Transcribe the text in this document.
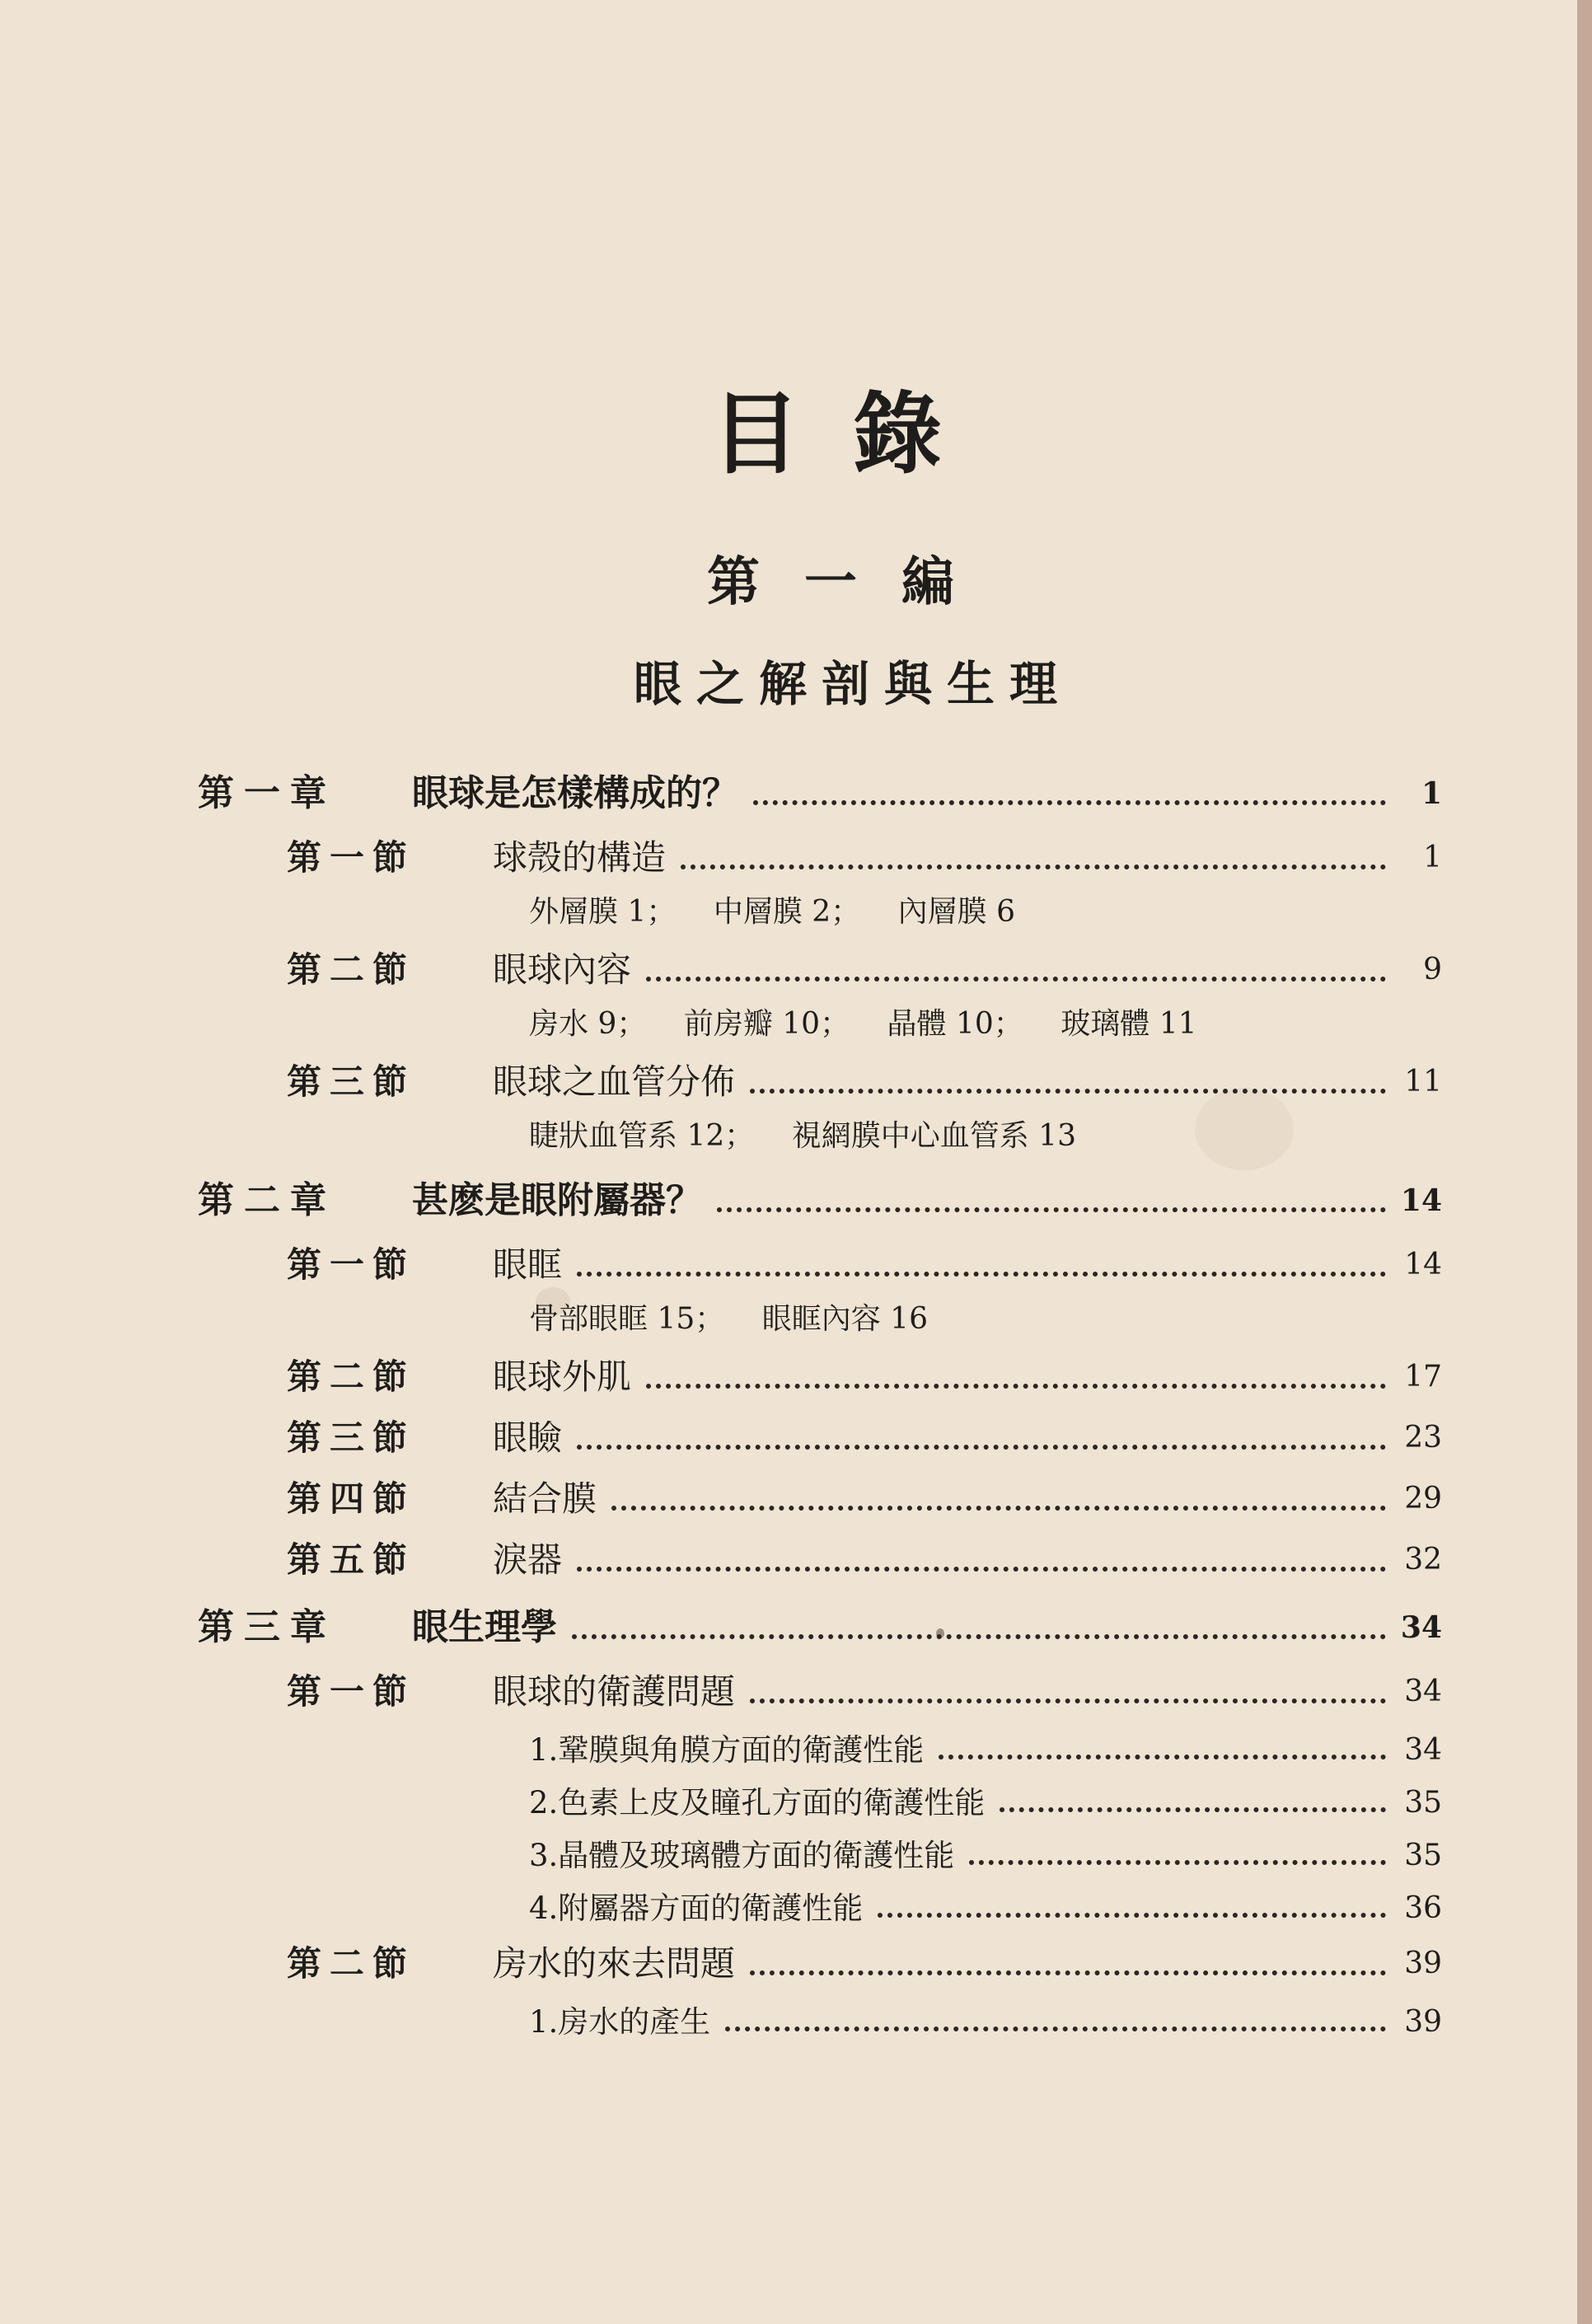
目錄
第一編
眼之解剖與生理
第一章	眼球是怎樣構成的？	1
第一節	球殼的構造	1
外層膜 1； 中層膜 2； 內層膜 6
第二節	眼球內容	9
房水 9； 前房瓣 10； 晶體 10； 玻璃體 11
第三節	眼球之血管分佈	11
睫狀血管系 12； 視網膜中心血管系 13
第二章	甚麽是眼附屬器？	14
第一節	眼眶	14
骨部眼眶 15； 眼眶內容 16
第二節	眼球外肌	17
第三節	眼瞼	23
第四節	結合膜	29
第五節	淚器	32
第三章	眼生理學	34
第一節	眼球的衛護問題	34
1.鞏膜與角膜方面的衛護性能	34
2.色素上皮及瞳孔方面的衛護性能	35
3.晶體及玻璃體方面的衛護性能	35
4.附屬器方面的衛護性能	36
第二節	房水的來去問題	39
1.房水的產生	39
